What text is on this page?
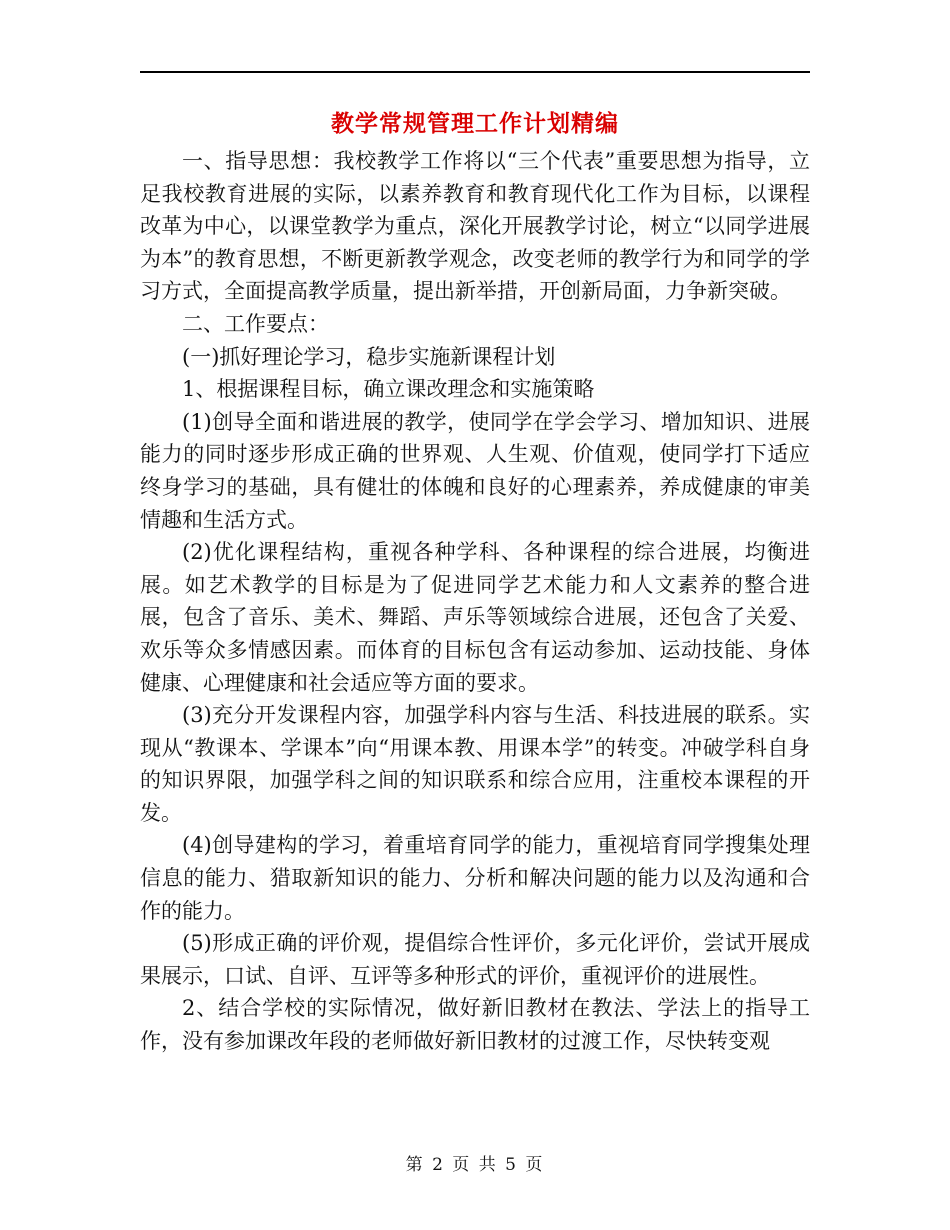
教学常规管理工作计划精编

一、指导思想：我校教学工作将以“三个代表”重要思想为指导，立足我校教育进展的实际，以素养教育和教育现代化工作为目标，以课程改革为中心，以课堂教学为重点，深化开展教学讨论，树立“以同学进展为本”的教育思想，不断更新教学观念，改变老师的教学行为和同学的学习方式，全面提高教学质量，提出新举措，开创新局面，力争新突破。

二、工作要点：

(一)抓好理论学习，稳步实施新课程计划

1、根据课程目标，确立课改理念和实施策略

(1)创导全面和谐进展的教学，使同学在学会学习、增加知识、进展能力的同时逐步形成正确的世界观、人生观、价值观，使同学打下适应终身学习的基础，具有健壮的体魄和良好的心理素养，养成健康的审美情趣和生活方式。

(2)优化课程结构，重视各种学科、各种课程的综合进展，均衡进展。如艺术教学的目标是为了促进同学艺术能力和人文素养的整合进展，包含了音乐、美术、舞蹈、声乐等领域综合进展，还包含了关爱、欢乐等众多情感因素。而体育的目标包含有运动参加、运动技能、身体健康、心理健康和社会适应等方面的要求。

(3)充分开发课程内容，加强学科内容与生活、科技进展的联系。实现从“教课本、学课本”向“用课本教、用课本学”的转变。冲破学科自身的知识界限，加强学科之间的知识联系和综合应用，注重校本课程的开发。

(4)创导建构的学习，着重培育同学的能力，重视培育同学搜集处理信息的能力、猎取新知识的能力、分析和解决问题的能力以及沟通和合作的能力。

(5)形成正确的评价观，提倡综合性评价，多元化评价，尝试开展成果展示，口试、自评、互评等多种形式的评价，重视评价的进展性。

2、结合学校的实际情况，做好新旧教材在教法、学法上的指导工作，没有参加课改年段的老师做好新旧教材的过渡工作，尽快转变观

第 2 页 共 5 页
